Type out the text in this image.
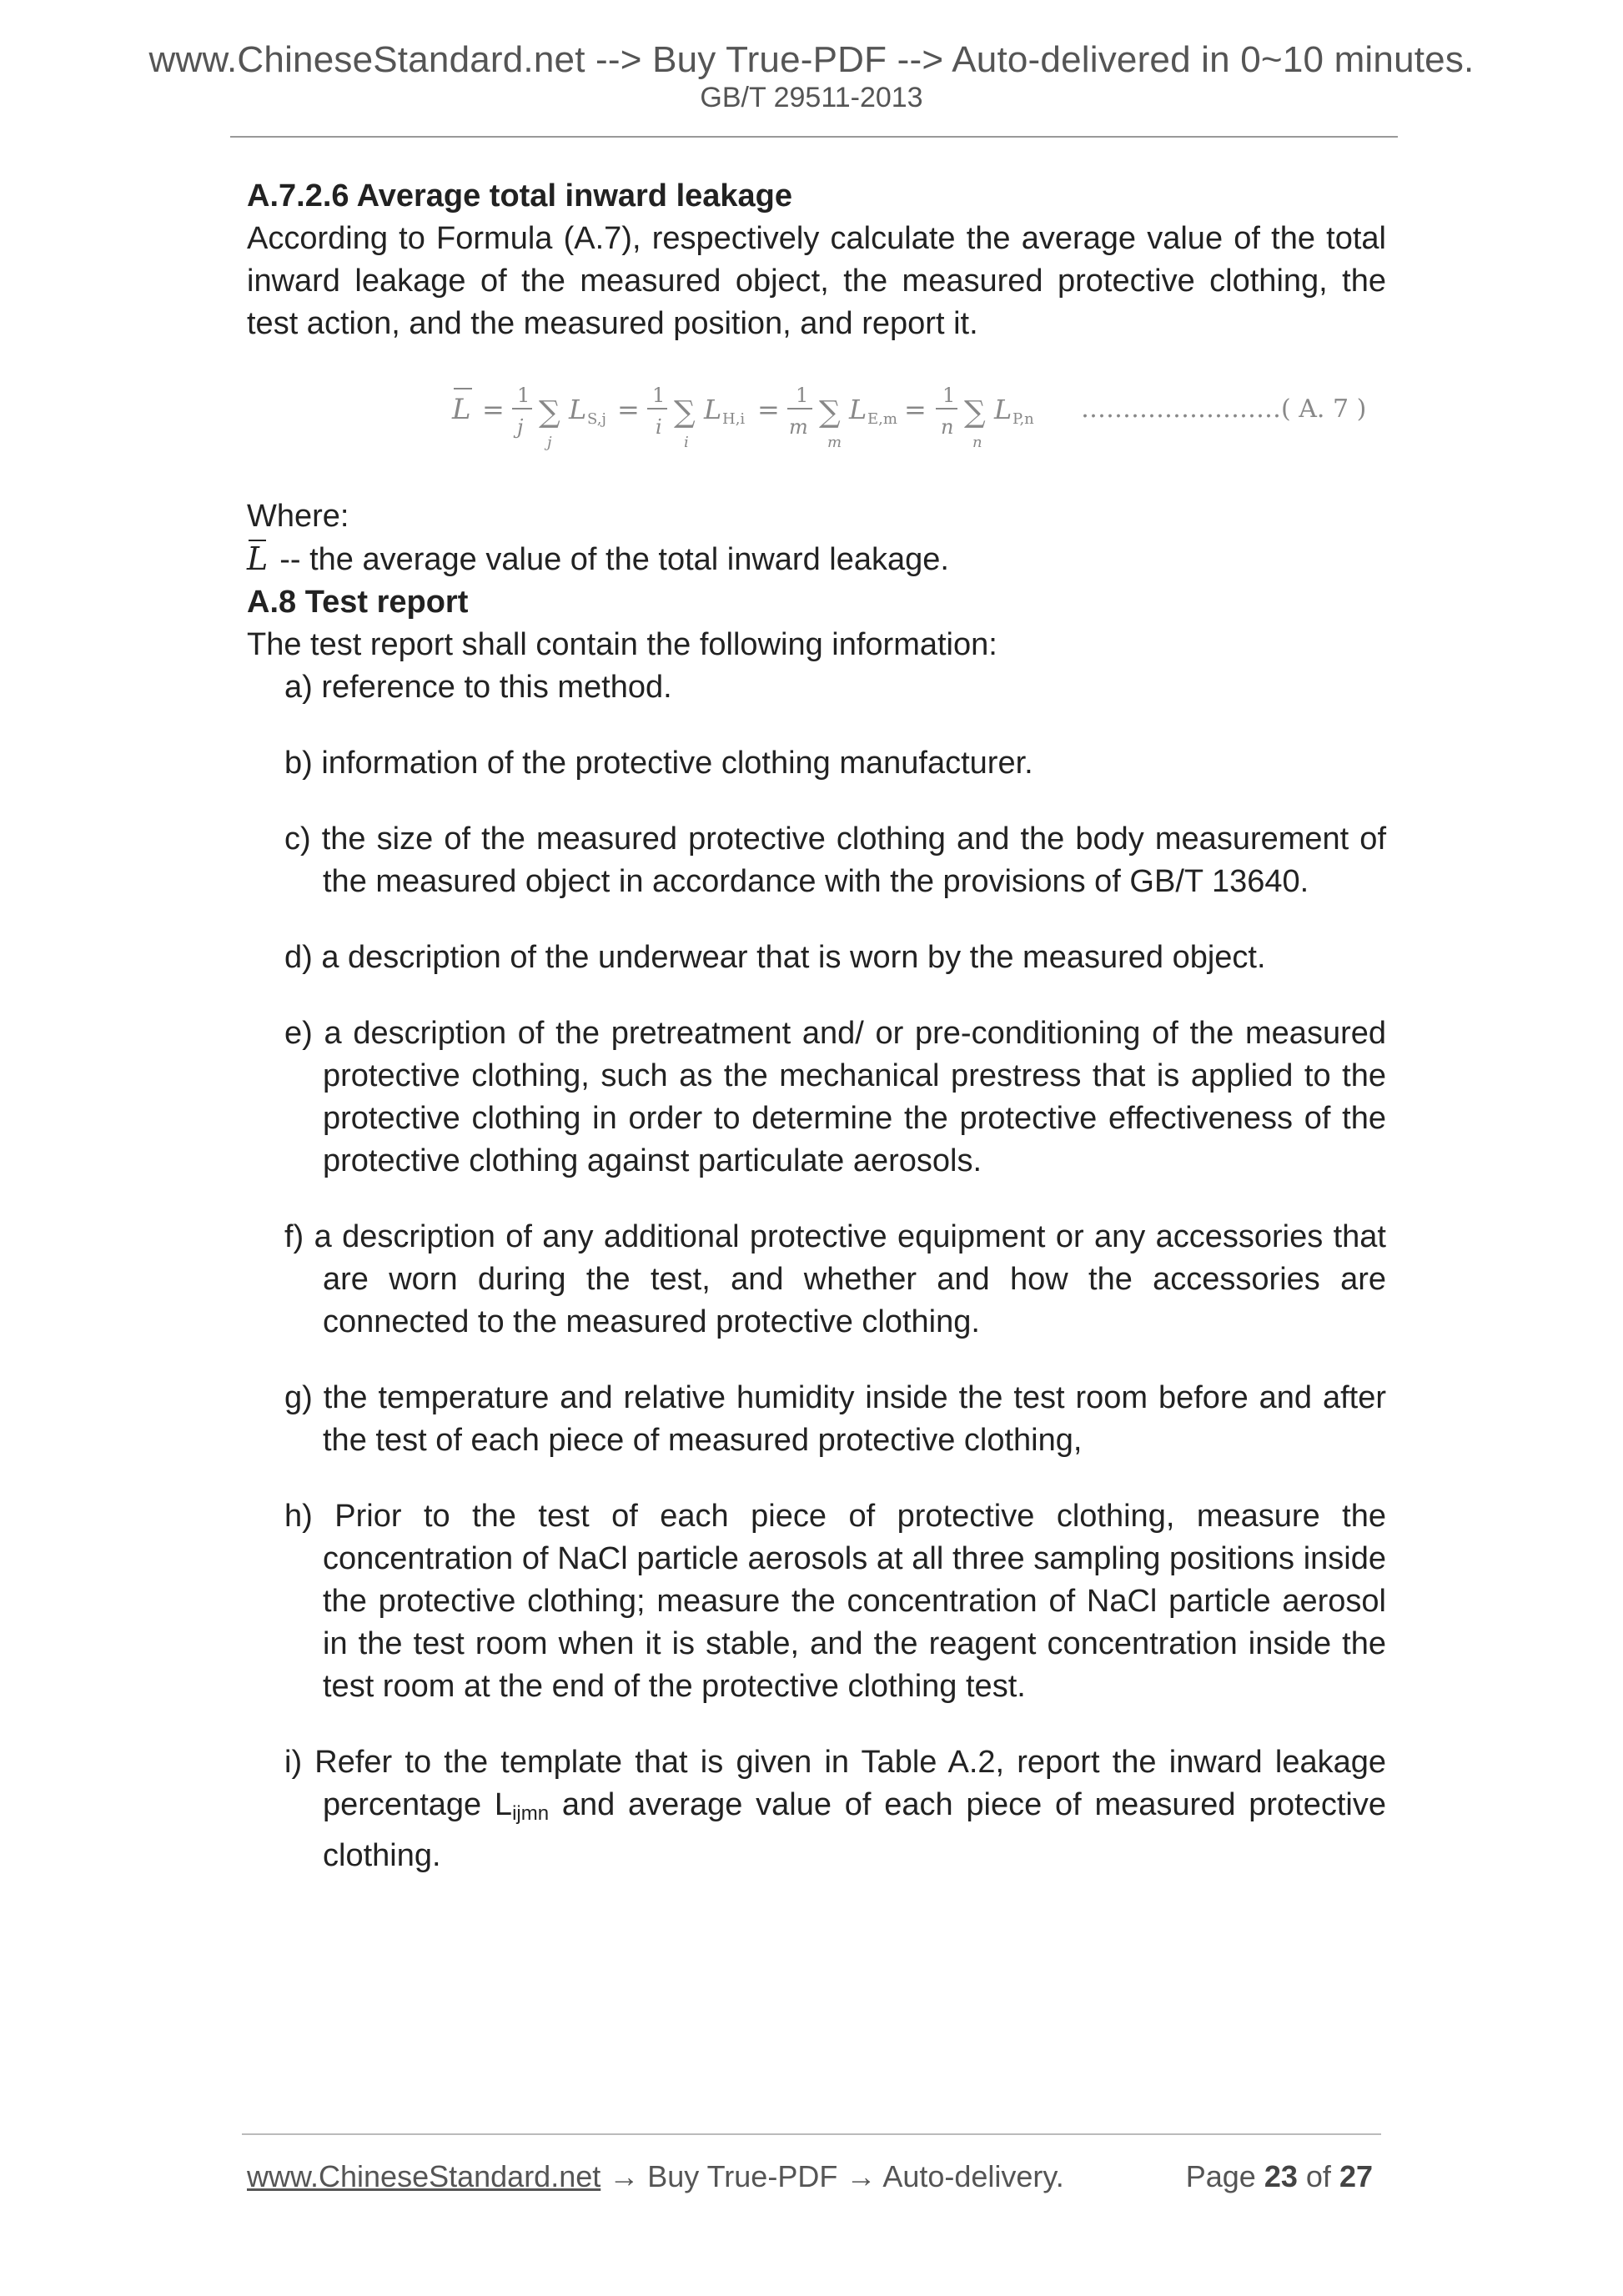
www.ChineseStandard.net --> Buy True-PDF --> Auto-delivered in 0~10 minutes.
GB/T 29511-2013

A.7.2.6 Average total inward leakage

According to Formula (A.7), respectively calculate the average value of the total inward leakage of the measured object, the measured protective clothing, the test action, and the measured position, and report it.

L = 1
j ∑
j
L S,j = 1
i ∑
i
L H,i = 1
m ∑
m
L E,m = 1
n ∑
n
L P,n ……………………( A. 7 )

Where:

L -- the average value of the total inward leakage.

A.8 Test report

The test report shall contain the following information:

a) reference to this method.
b) information of the protective clothing manufacturer.
c) the size of the measured protective clothing and the body measurement of the measured object in accordance with the provisions of GB/T 13640.
d) a description of the underwear that is worn by the measured object.
e) a description of the pretreatment and/ or pre-conditioning of the measured protective clothing, such as the mechanical prestress that is applied to the protective clothing in order to determine the protective effectiveness of the protective clothing against particulate aerosols.
f) a description of any additional protective equipment or any accessories that are worn during the test, and whether and how the accessories are connected to the measured protective clothing.
g) the temperature and relative humidity inside the test room before and after the test of each piece of measured protective clothing,
h) Prior to the test of each piece of protective clothing, measure the concentration of NaCl particle aerosols at all three sampling positions inside the protective clothing; measure the concentration of NaCl particle aerosol in the test room when it is stable, and the reagent concentration inside the test room at the end of the protective clothing test.
i) Refer to the template that is given in Table A.2, report the inward leakage percentage $L_{ijmn}$ and average value of each piece of measured protective clothing.
www.ChineseStandard.net → Buy True-PDF → Auto-delivery.	Page 23 of 27
